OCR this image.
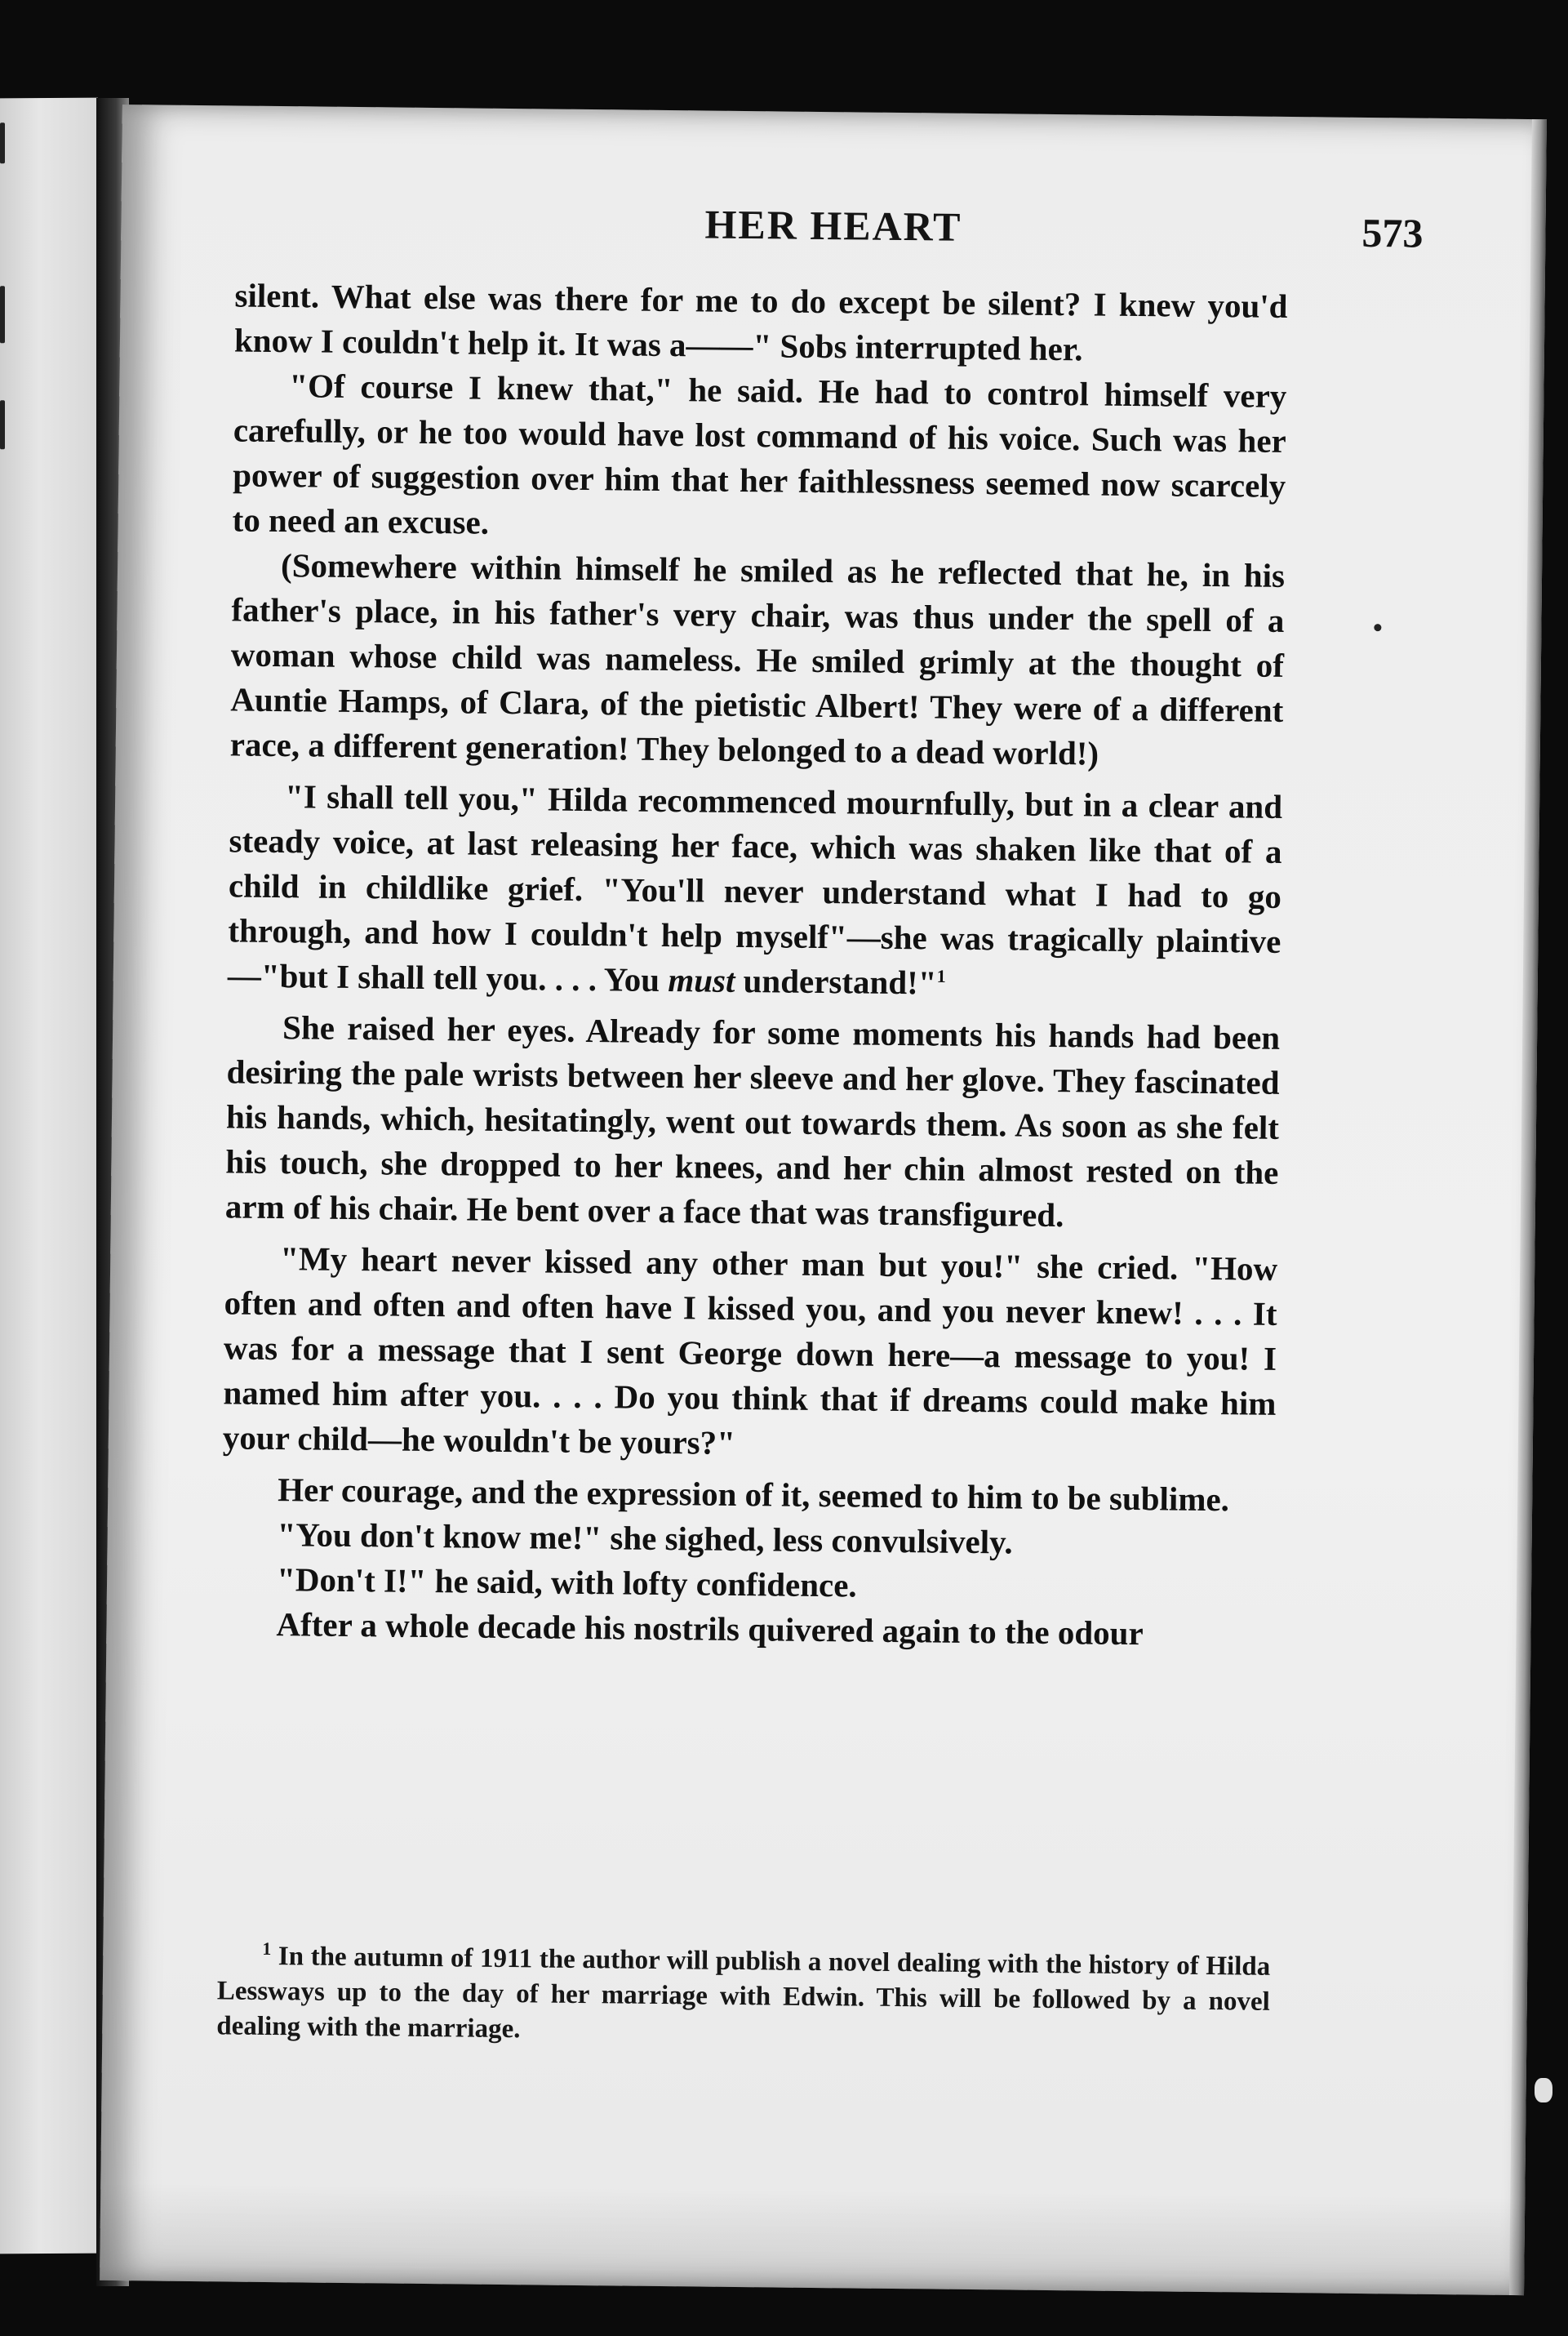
HER HEART	573

silent. What else was there for me to do except be silent? I knew you'd know I couldn't help it. It was a——" Sobs interrupted her.

"Of course I knew that," he said. He had to control himself very carefully, or he too would have lost command of his voice. Such was her power of suggestion over him that her faithlessness seemed now scarcely to need an excuse.

(Somewhere within himself he smiled as he reflected that he, in his father's place, in his father's very chair, was thus under the spell of a woman whose child was nameless. He smiled grimly at the thought of Auntie Hamps, of Clara, of the pietistic Albert! They were of a different race, a different generation! They belonged to a dead world!)

"I shall tell you," Hilda recommenced mournfully, but in a clear and steady voice, at last releasing her face, which was shaken like that of a child in childlike grief. "You'll never understand what I had to go through, and how I couldn't help myself"—she was tragically plaintive—"but I shall tell you. . . . You must understand!"$^1$

She raised her eyes. Already for some moments his hands had been desiring the pale wrists between her sleeve and her glove. They fascinated his hands, which, hesitatingly, went out towards them. As soon as she felt his touch, she dropped to her knees, and her chin almost rested on the arm of his chair. He bent over a face that was transfigured.

"My heart never kissed any other man but you!" she cried. "How often and often and often have I kissed you, and you never knew! . . . It was for a message that I sent George down here—a message to you! I named him after you. . . . Do you think that if dreams could make him your child—he wouldn't be yours?"

Her courage, and the expression of it, seemed to him to be sublime.

"You don't know me!" she sighed, less convulsively.

"Don't I!" he said, with lofty confidence.

After a whole decade his nostrils quivered again to the odour

$^1$ In the autumn of 1911 the author will publish a novel dealing with the history of Hilda Lessways up to the day of her marriage with Edwin. This will be followed by a novel dealing with the marriage.
